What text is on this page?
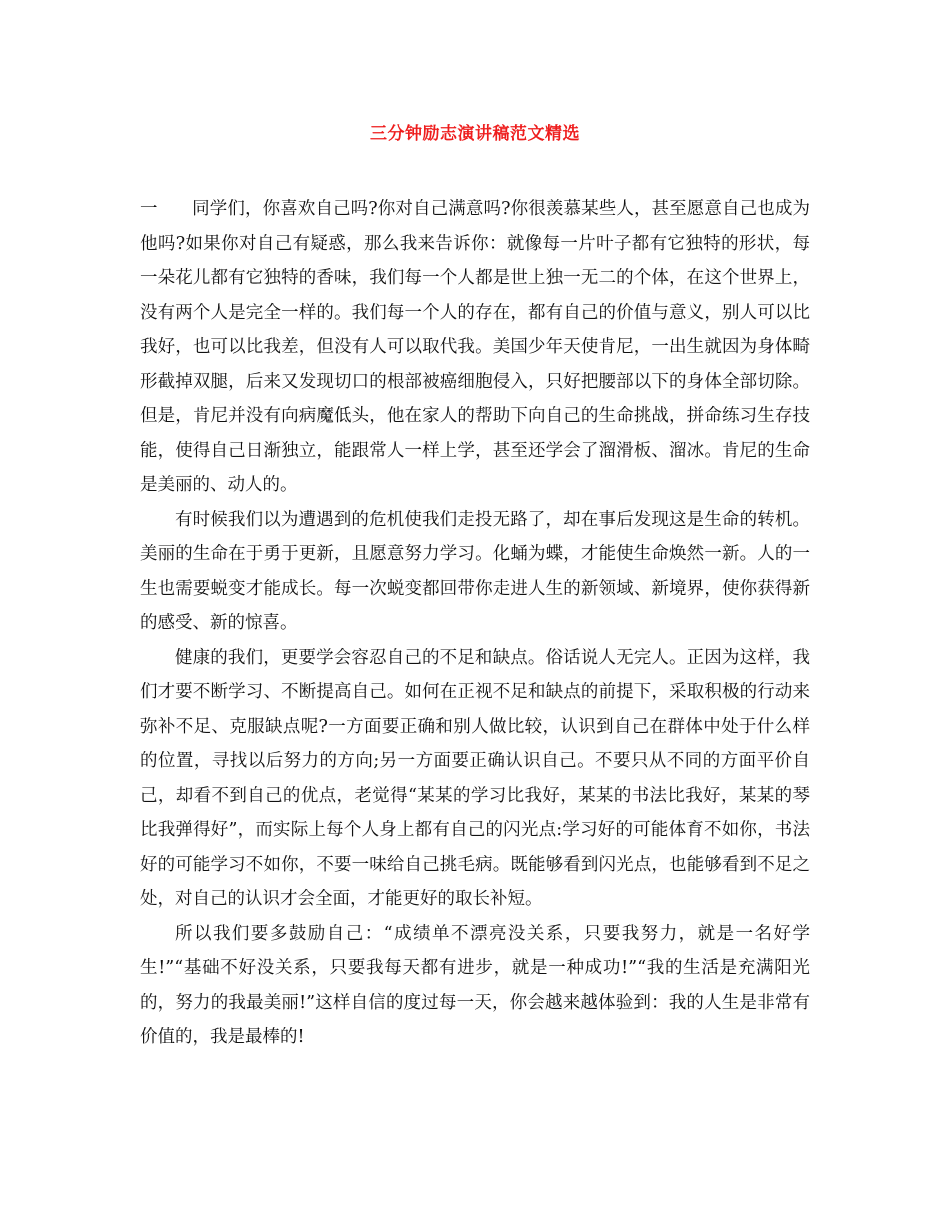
三分钟励志演讲稿范文精选

一 同学们，你喜欢自己吗?你对自己满意吗?你很羡慕某些人，甚至愿意自己也成为他吗?如果你对自己有疑惑，那么我来告诉你：就像每一片叶子都有它独特的形状，每一朵花儿都有它独特的香味，我们每一个人都是世上独一无二的个体，在这个世界上，没有两个人是完全一样的。我们每一个人的存在，都有自己的价值与意义，别人可以比我好，也可以比我差，但没有人可以取代我。美国少年天使肯尼，一出生就因为身体畸形截掉双腿，后来又发现切口的根部被癌细胞侵入，只好把腰部以下的身体全部切除。但是，肯尼并没有向病魔低头，他在家人的帮助下向自己的生命挑战，拼命练习生存技能，使得自己日渐独立，能跟常人一样上学，甚至还学会了溜滑板、溜冰。肯尼的生命是美丽的、动人的。

有时候我们以为遭遇到的危机使我们走投无路了，却在事后发现这是生命的转机。美丽的生命在于勇于更新，且愿意努力学习。化蛹为蝶，才能使生命焕然一新。人的一生也需要蜕变才能成长。每一次蜕变都回带你走进人生的新领域、新境界，使你获得新的感受、新的惊喜。

健康的我们，更要学会容忍自己的不足和缺点。俗话说人无完人。正因为这样，我们才要不断学习、不断提高自己。如何在正视不足和缺点的前提下，采取积极的行动来弥补不足、克服缺点呢?一方面要正确和别人做比较，认识到自己在群体中处于什么样的位置，寻找以后努力的方向;另一方面要正确认识自己。不要只从不同的方面平价自己，却看不到自己的优点，老觉得“某某的学习比我好，某某的书法比我好，某某的琴比我弹得好”，而实际上每个人身上都有自己的闪光点:学习好的可能体育不如你，书法好的可能学习不如你，不要一味给自己挑毛病。既能够看到闪光点，也能够看到不足之处，对自己的认识才会全面，才能更好的取长补短。

所以我们要多鼓励自己：“成绩单不漂亮没关系，只要我努力，就是一名好学生!”“基础不好没关系，只要我每天都有进步，就是一种成功!”“我的生活是充满阳光的，努力的我最美丽!”这样自信的度过每一天，你会越来越体验到：我的人生是非常有价值的，我是最棒的!
